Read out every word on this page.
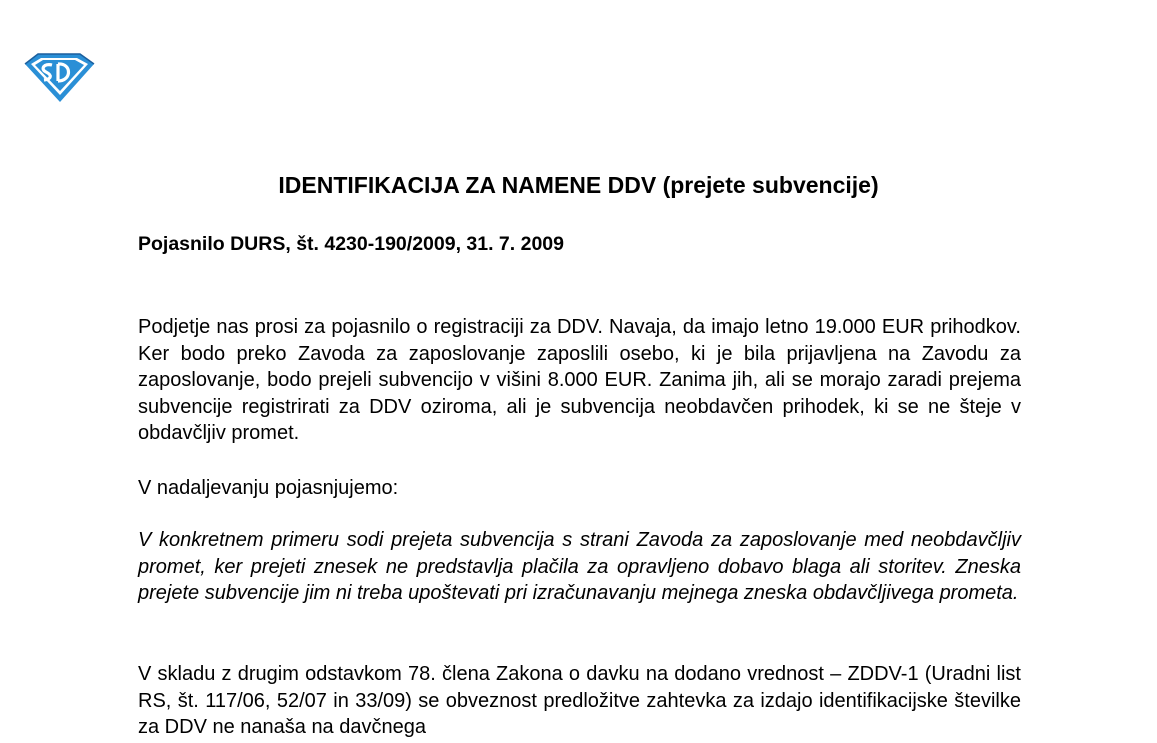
IDENTIFIKACIJA ZA NAMENE DDV (prejete subvencije)
Pojasnilo DURS, št. 4230-190/2009, 31. 7. 2009

Podjetje nas prosi za pojasnilo o registraciji za DDV. Navaja, da imajo letno 19.000 EUR prihodkov. Ker bodo preko Zavoda za zaposlovanje zaposlili osebo, ki je bila prijavljena na Zavodu za zaposlovanje, bodo prejeli subvencijo v višini 8.000 EUR. Zanima jih, ali se morajo zaradi prejema subvencije registrirati za DDV oziroma, ali je subvencija neobdavčen prihodek, ki se ne šteje v obdavčljiv promet.

V nadaljevanju pojasnjujemo:

V konkretnem primeru sodi prejeta subvencija s strani Zavoda za zaposlovanje med neobdavčljiv promet, ker prejeti znesek ne predstavlja plačila za opravljeno dobavo blaga ali storitev. Zneska prejete subvencije jim ni treba upoštevati pri izračunavanju mejnega zneska obdavčljivega prometa.

V skladu z drugim odstavkom 78. člena Zakona o davku na dodano vrednost – ZDDV-1 (Uradni list RS, št. 117/06, 52/07 in 33/09) se obveznost predložitve zahtevka za izdajo identifikacijske številke za DDV ne nanaša na davčnega
